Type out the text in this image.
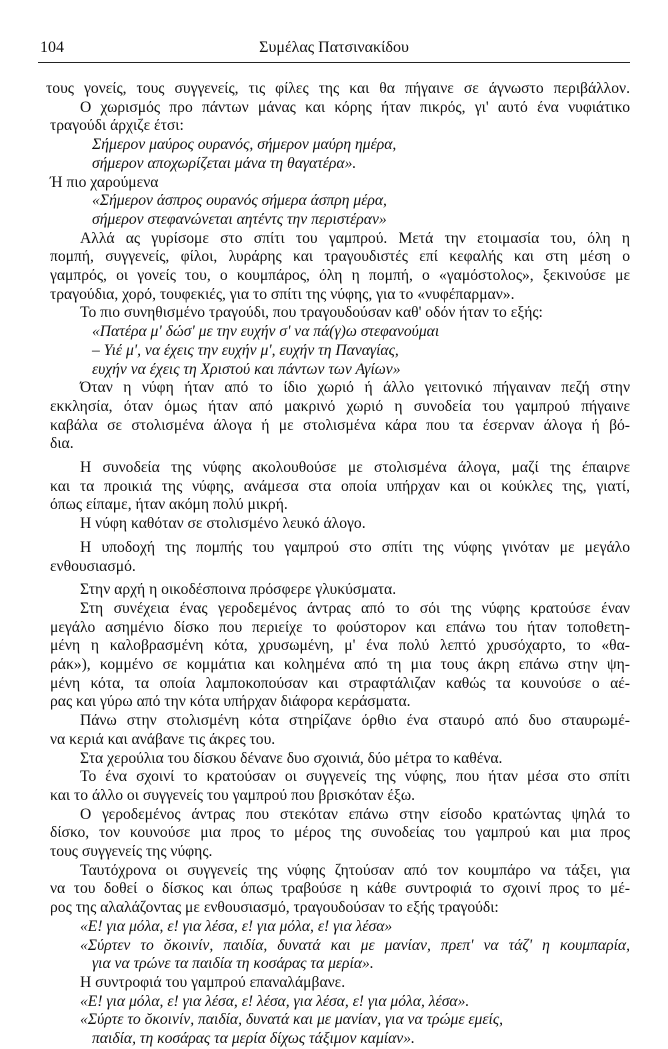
104	Συμέλας Πατσινακίδου
τους γονείς, τους συγγενείς, τις φίλες της και θα πήγαινε σε άγνωστο περιβάλλον.
Ο χωρισμός προ πάντων μάνας και κόρης ήταν πικρός, γι' αυτό ένα νυφιάτικο
τραγούδι άρχιζε έτσι:
Σήμερον μαύρος ουρανός, σήμερον μαύρη ημέρα,
σήμερον αποχωρίζεται μάνα τη θαγατέρα».
Ή πιο χαρούμενα
«Σήμερον άσπρος ουρανός σήμερα άσπρη μέρα,
σήμερον στεφανώνεται αητέντς την περιστέραν»
Αλλά ας γυρίσομε στο σπίτι του γαμπρού. Μετά την ετοιμασία του, όλη η
πομπή, συγγενείς, φίλοι, λυράρης και τραγουδιστές επί κεφαλής και στη μέση ο
γαμπρός, οι γονείς του, ο κουμπάρος, όλη η πομπή, ο «γαμόστολος», ξεκινούσε με
τραγούδια, χορό, τουφεκιές, για το σπίτι της νύφης, για το «νυφέπαρμαν».
Το πιο συνηθισμένο τραγούδι, που τραγουδούσαν καθ' οδόν ήταν το εξής:
«Πατέρα μ' δώσ' με την ευχήν σ' να πά(γ)ω στεφανούμαι
– Υιέ μ', να έχεις την ευχήν μ', ευχήν τη Παναγίας,
ευχήν να έχεις τη Χριστού και πάντων των Αγίων»
Όταν η νύφη ήταν από το ίδιο χωριό ή άλλο γειτονικό πήγαιναν πεζή στην
εκκλησία, όταν όμως ήταν από μακρινό χωριό η συνοδεία του γαμπρού πήγαινε
καβάλα σε στολισμένα άλογα ή με στολισμένα κάρα που τα έσερναν άλογα ή βό-
δια.
Η συνοδεία της νύφης ακολουθούσε με στολισμένα άλογα, μαζί της έπαιρνε
και τα προικιά της νύφης, ανάμεσα στα οποία υπήρχαν και οι κούκλες της, γιατί,
όπως είπαμε, ήταν ακόμη πολύ μικρή.
Η νύφη καθόταν σε στολισμένο λευκό άλογο.
Η υποδοχή της πομπής του γαμπρού στο σπίτι της νύφης γινόταν με μεγάλο
ενθουσιασμό.
Στην αρχή η οικοδέσποινα πρόσφερε γλυκύσματα.
Στη συνέχεια ένας γεροδεμένος άντρας από το σόι της νύφης κρατούσε έναν
μεγάλο ασημένιο δίσκο που περιείχε το φούστορον και επάνω του ήταν τοποθετη-
μένη η καλοβρασμένη κότα, χρυσωμένη, μ' ένα πολύ λεπτό χρυσόχαρτο, το «θα-
ράκ»), κομμένο σε κομμάτια και κολημένα από τη μια τους άκρη επάνω στην ψη-
μένη κότα, τα οποία λαμποκοπούσαν και στραφτάλιζαν καθώς τα κουνούσε ο αέ-
ρας και γύρω από την κότα υπήρχαν διάφορα κεράσματα.
Πάνω στην στολισμένη κότα στηρίζανε όρθιο ένα σταυρό από δυο σταυρωμέ-
να κεριά και ανάβανε τις άκρες του.
Στα χερούλια του δίσκου δένανε δυο σχοινιά, δύο μέτρα το καθένα.
Το ένα σχοινί το κρατούσαν οι συγγενείς της νύφης, που ήταν μέσα στο σπίτι
και το άλλο οι συγγενείς του γαμπρού που βρισκόταν έξω.
Ο γεροδεμένος άντρας που στεκόταν επάνω στην είσοδο κρατώντας ψηλά το
δίσκο, τον κουνούσε μια προς το μέρος της συνοδείας του γαμπρού και μια προς
τους συγγενείς της νύφης.
Ταυτόχρονα οι συγγενείς της νύφης ζητούσαν από τον κουμπάρο να τάξει, για
να του δοθεί ο δίσκος και όπως τραβούσε η κάθε συντροφιά το σχοινί προς το μέ-
ρος της αλαλάζοντας με ενθουσιασμό, τραγουδούσαν το εξής τραγούδι:
«Ε! για μόλα, ε! για λέσα, ε! για μόλα, ε! για λέσα»
«Σύρτεν το ŏκοινίν, παιδία, δυνατά και με μανίαν, πρεπ' να τάζ' η κουμπαρία,
για να τρώνε τα παιδία τη κοσάρας τα μερία».
Η συντροφιά του γαμπρού επαναλάμβανε.
«Ε! για μόλα, ε! για λέσα, ε! λέσα, για λέσα, ε! για μόλα, λέσα».
«Σύρτε το ŏκοινίν, παιδία, δυνατά και με μανίαν, για να τρώμε εμείς,
παιδία, τη κοσάρας τα μερία δίχως τάξιμον καμίαν».
